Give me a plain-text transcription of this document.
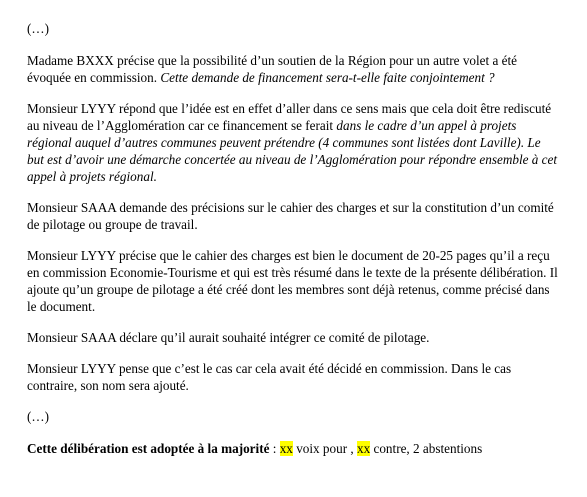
(…)

Madame BXXX précise que la possibilité d’un soutien de la Région pour un autre volet a été évoquée en commission. Cette demande de financement sera-t-elle faite conjointement ?

Monsieur LYYY répond que l’idée est en effet d’aller dans ce sens mais que cela doit être rediscuté au niveau de l’Agglomération car ce financement se ferait dans le cadre d’un appel à projets régional auquel d’autres communes peuvent prétendre (4 communes sont listées dont Laville). Le but est d’avoir une démarche concertée au niveau de l’Agglomération pour répondre ensemble à cet appel à projets régional.

Monsieur SAAA demande des précisions sur le cahier des charges et sur la constitution d’un comité de pilotage ou groupe de travail.

Monsieur LYYY précise que le cahier des charges est bien le document de 20-25 pages qu’il a reçu en commission Economie-Tourisme et qui est très résumé dans le texte de la présente délibération. Il ajoute qu’un groupe de pilotage a été créé dont les membres sont déjà retenus, comme précisé dans le document.

Monsieur SAAA déclare qu’il aurait souhaité intégrer ce comité de pilotage.

Monsieur LYYY pense que c’est le cas car cela avait été décidé en commission. Dans le cas contraire, son nom sera ajouté.

(…)

Cette délibération est adoptée à la majorité : xx voix pour , xx contre, 2 abstentions
